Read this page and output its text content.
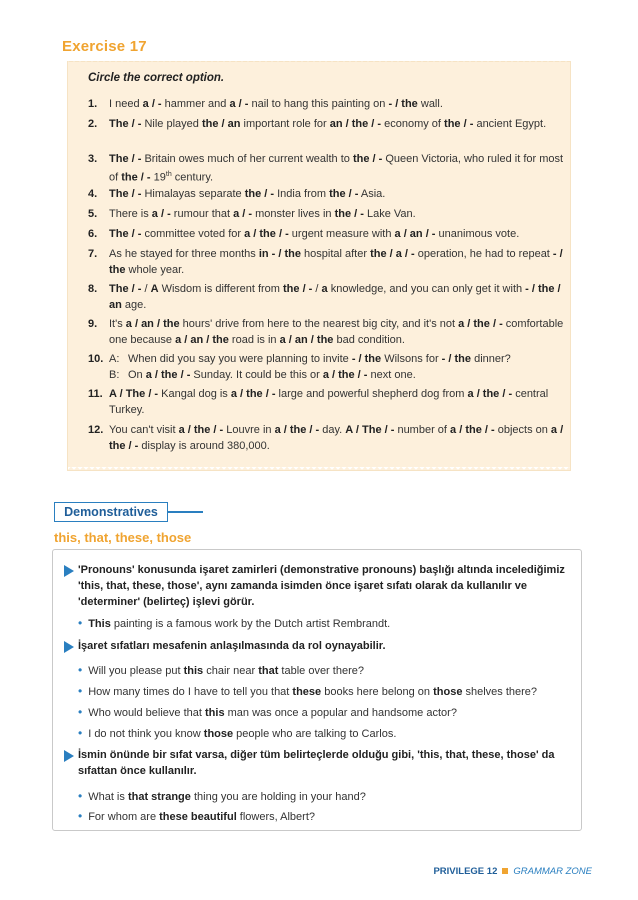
Exercise 17
Circle the correct option.
1. I need a / - hammer and a / - nail to hang this painting on - / the wall.
2. The / - Nile played the / an important role for an / the / - economy of the / - ancient Egypt.
3. The / - Britain owes much of her current wealth to the / - Queen Victoria, who ruled it for most of the / - 19th century.
4. The / - Himalayas separate the / - India from the / - Asia.
5. There is a / - rumour that a / - monster lives in the / - Lake Van.
6. The / - committee voted for a / the / - urgent measure with a / an / - unanimous vote.
7. As he stayed for three months in - / the hospital after the / a / - operation, he had to repeat - / the whole year.
8. The / - / A Wisdom is different from the / - / a knowledge, and you can only get it with - / the / an age.
9. It's a / an / the hours' drive from here to the nearest big city, and it's not a / the / - comfortable one because a / an / the road is in a / an / the bad condition.
10. A: When did you say you were planning to invite - / the Wilsons for - / the dinner?
B: On a / the / - Sunday. It could be this or a / the / - next one.
11. A / The / - Kangal dog is a / the / - large and powerful shepherd dog from a / the / - central Turkey.
12. You can't visit a / the / - Louvre in a / the / - day. A / The / - number of a / the / - objects on a / the / - display is around 380,000.
Demonstratives
this, that, these, those
'Pronouns' konusunda işaret zamirleri (demonstrative pronouns) başlığı altında incelediğimiz 'this, that, these, those', aynı zamanda isimden önce işaret sıfatı olarak da kullanılır ve 'determiner' (belirteç) işlevi görür.
• This painting is a famous work by the Dutch artist Rembrandt.
İşaret sıfatları mesafenin anlaşılmasında da rol oynayabilir.
• Will you please put this chair near that table over there?
• How many times do I have to tell you that these books here belong on those shelves there?
• Who would believe that this man was once a popular and handsome actor?
• I do not think you know those people who are talking to Carlos.
İsmin önünde bir sıfat varsa, diğer tüm belirteçlerde olduğu gibi, 'this, that, these, those' da sıfattan önce kullanılır.
• What is that strange thing you are holding in your hand?
• For whom are these beautiful flowers, Albert?
PRIVILEGE 12 GRAMMAR ZONE
